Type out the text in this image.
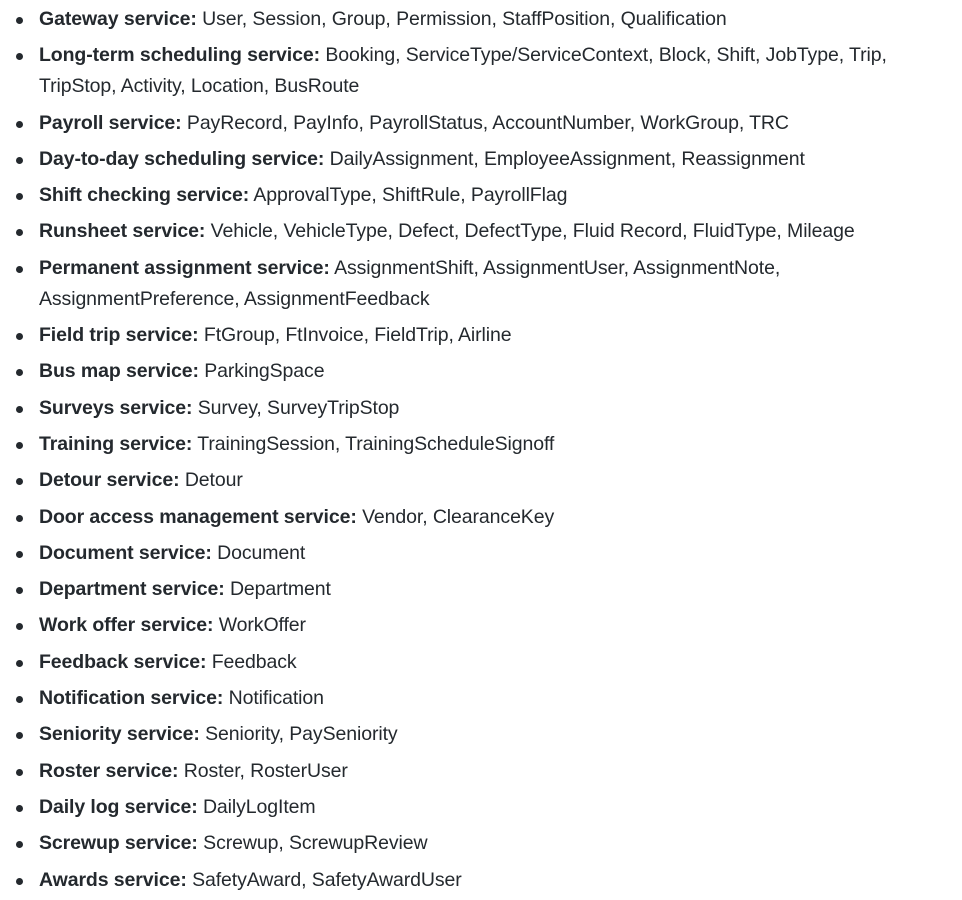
Gateway service: User, Session, Group, Permission, StaffPosition, Qualification
Long-term scheduling service: Booking, ServiceType/ServiceContext, Block, Shift, JobType, Trip, TripStop, Activity, Location, BusRoute
Payroll service: PayRecord, PayInfo, PayrollStatus, AccountNumber, WorkGroup, TRC
Day-to-day scheduling service: DailyAssignment, EmployeeAssignment, Reassignment
Shift checking service: ApprovalType, ShiftRule, PayrollFlag
Runsheet service: Vehicle, VehicleType, Defect, DefectType, Fluid Record, FluidType, Mileage
Permanent assignment service: AssignmentShift, AssignmentUser, AssignmentNote, AssignmentPreference, AssignmentFeedback
Field trip service: FtGroup, FtInvoice, FieldTrip, Airline
Bus map service: ParkingSpace
Surveys service: Survey, SurveyTripStop
Training service: TrainingSession, TrainingScheduleSignoff
Detour service: Detour
Door access management service: Vendor, ClearanceKey
Document service: Document
Department service: Department
Work offer service: WorkOffer
Feedback service: Feedback
Notification service: Notification
Seniority service: Seniority, PaySeniority
Roster service: Roster, RosterUser
Daily log service: DailyLogItem
Screwup service: Screwup, ScrewupReview
Awards service: SafetyAward, SafetyAwardUser
